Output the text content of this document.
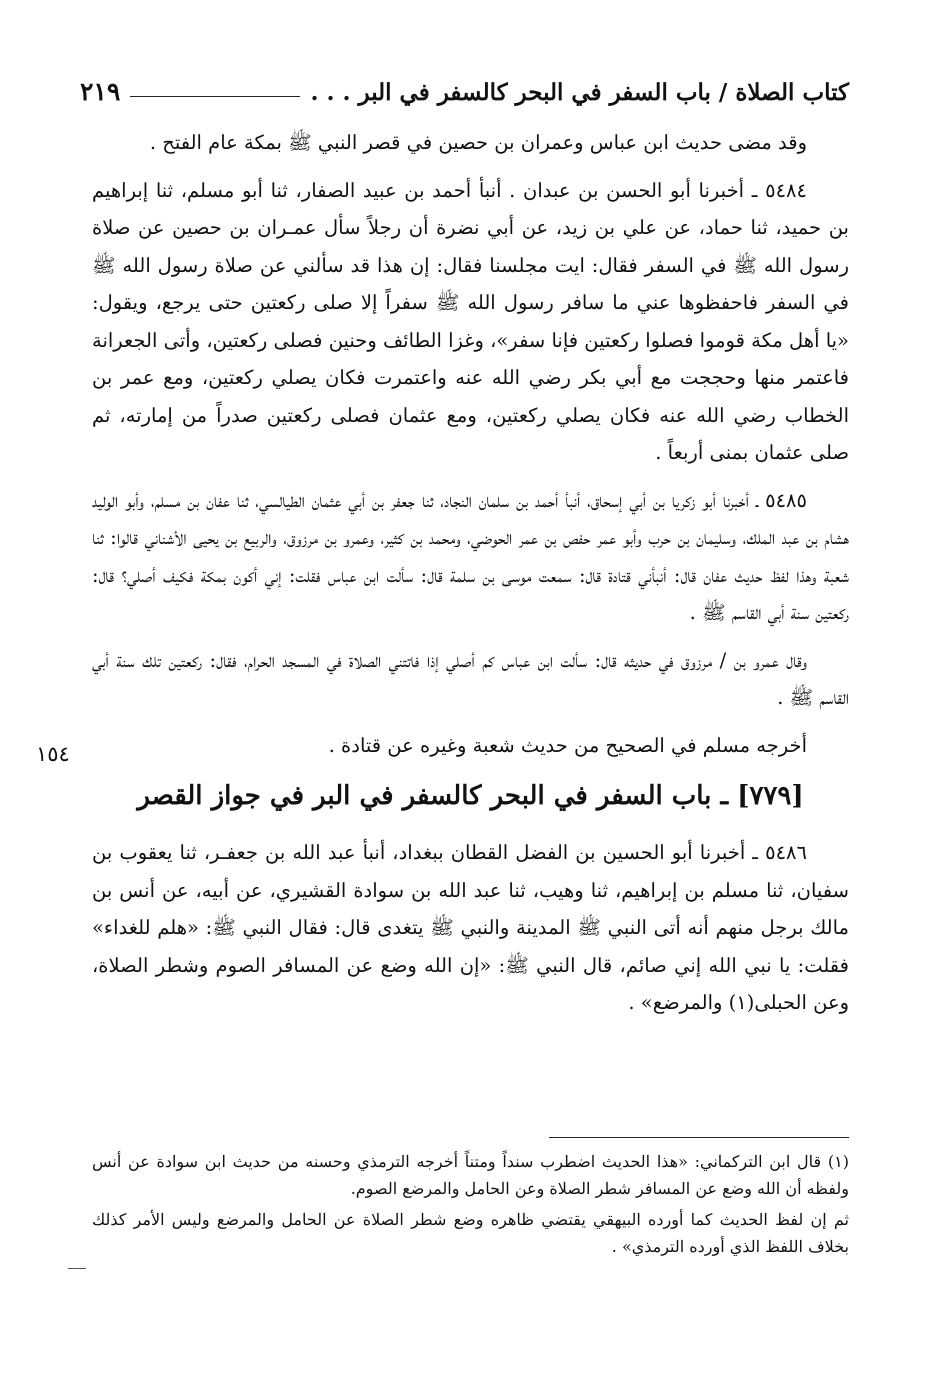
كتاب الصلاة / باب السفر في البحر كالسفر في البر . . .
٢١٩
١٥٤

وقد مضى حديث ابن عباس وعمران بن حصين في قصر النبي ﷺ بمكة عام الفتح .

٥٤٨٤ ـ أخبرنا أبو الحسن بن عبدان . أنبأ أحمد بن عبيد الصفار، ثنا أبو مسلم، ثنا إبراهيم بن حميد، ثنا حماد، عن علي بن زيد، عن أبي نضرة أن رجلاً سأل عمـران بن حصين عن صلاة رسول الله ﷺ في السفر فقال: ايت مجلسنا فقال: إن هذا قد سألني عن صلاة رسول الله ﷺ في السفر فاحفظوها عني ما سافر رسول الله ﷺ سفراً إلا صلى ركعتين حتى يرجع، ويقول: «يا أهل مكة قوموا فصلوا ركعتين فإنا سفر»، وغزا الطائف وحنين فصلى ركعتين، وأتى الجعرانة فاعتمر منها وحججت مع أبي بكر رضي الله عنه واعتمرت فكان يصلي ركعتين، ومع عمر بن الخطاب رضي الله عنه فكان يصلي ركعتين، ومع عثمان فصلى ركعتين صدراً من إمارته، ثم صلى عثمان بمنى أربعاً .

٥٤٨٥ ـ أخبرنا أبو زكريا بن أبي إسحاق، أنبأ أحمد بن سلمان النجاد، ثنا جعفر بن أبي عثمان الطيالسي، ثنا عفان بن مسلم، وأبو الوليد هشام بن عبد الملك، وسليمان بن حرب وأبو عمر حفص بن عمر الحوضي، ومحمد بن كثير، وعمرو بن مرزوق، والربيع بن يحيى الأشناني قالوا: ثنا شعبة وهذا لفظ حديث عفان قال: أنبأني قتادة قال: سمعت موسى بن سلمة قال: سألت ابن عباس فقلت: إني أكون بمكة فكيف أصلي؟ قال: ركعتين سنة أبي القاسم ﷺ .

وقال عمرو بن / مرزوق في حديثه قال: سألت ابن عباس كم أصلي إذا فاتتني الصلاة في المسجد الحرام، فقال: ركعتين تلك سنة أبي القاسم ﷺ .

أخرجه مسلم في الصحيح من حديث شعبة وغيره عن قتادة .

[٧٧٩] ـ باب السفر في البحر كالسفر في البر في جواز القصر

٥٤٨٦ ـ أخبرنا أبو الحسين بن الفضل القطان ببغداد، أنبأ عبد الله بن جعفـر، ثنا يعقوب بن سفيان، ثنا مسلم بن إبراهيم، ثنا وهيب، ثنا عبد الله بن سوادة القشيري، عن أبيه، عن أنس بن مالك برجل منهم أنه أتى النبي ﷺ المدينة والنبي ﷺ يتغدى قال: فقال النبي ﷺ: «هلم للغداء» فقلت: يا نبي الله إني صائم، قال النبي ﷺ: «إن الله وضع عن المسافر الصوم وشطر الصلاة، وعن الحبلى(١) والمرضع» .

(١) قال ابن التركماني: «هذا الحديث اضطرب سنداً ومتناً أخرجه الترمذي وحسنه من حديث ابن سوادة عن أنس ولفظه أن الله وضع عن المسافر شطر الصلاة وعن الحامل والمرضع الصوم.

ثم إن لفظ الحديث كما أورده البيهقي يقتضي ظاهره وضع شطر الصلاة عن الحامل والمرضع وليس الأمر كذلك بخلاف اللفظ الذي أورده الترمذي» .
